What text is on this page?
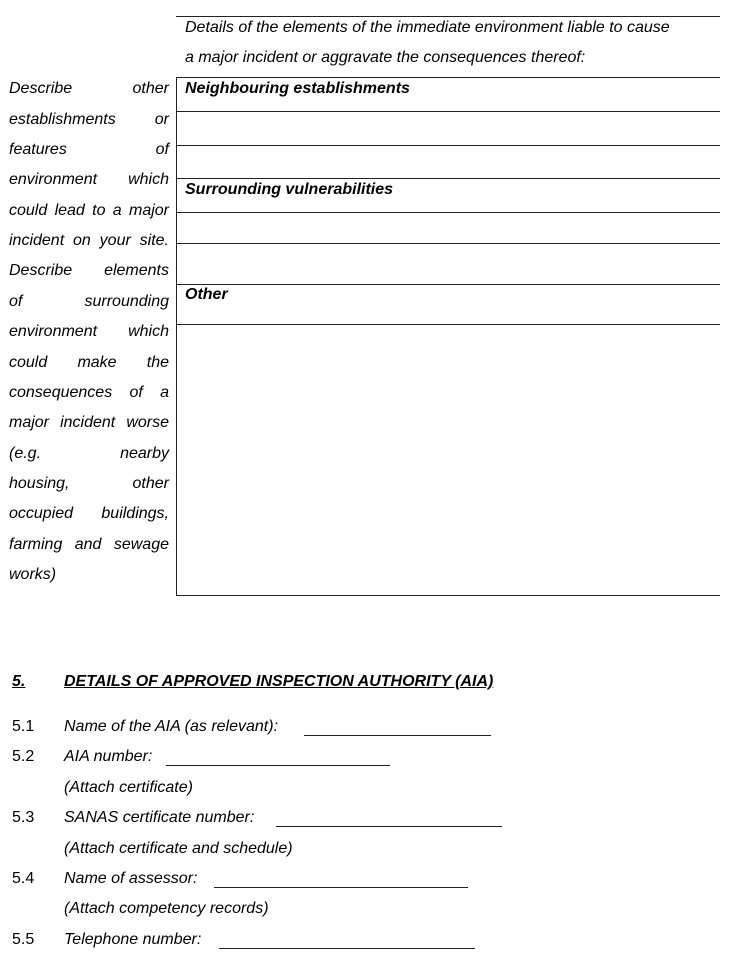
Details of the elements of the immediate environment liable to cause
a major incident or aggravate the consequences thereof:
Neighbouring establishments
Surrounding vulnerabilities
Other
Describe other
establishments or
features of
environment which
could lead to a major
incident on your site.
Describe elements
of surrounding
environment which
could make the
consequences of a
major incident worse
(e.g. nearby
housing, other
occupied buildings,
farming and sewage
works)
5. DETAILS OF APPROVED INSPECTION AUTHORITY (AIA)
5.1 Name of the AIA (as relevant):
5.2 AIA number:
(Attach certificate)
5.3 SANAS certificate number:
(Attach certificate and schedule)
5.4 Name of assessor:
(Attach competency records)
5.5 Telephone number:
